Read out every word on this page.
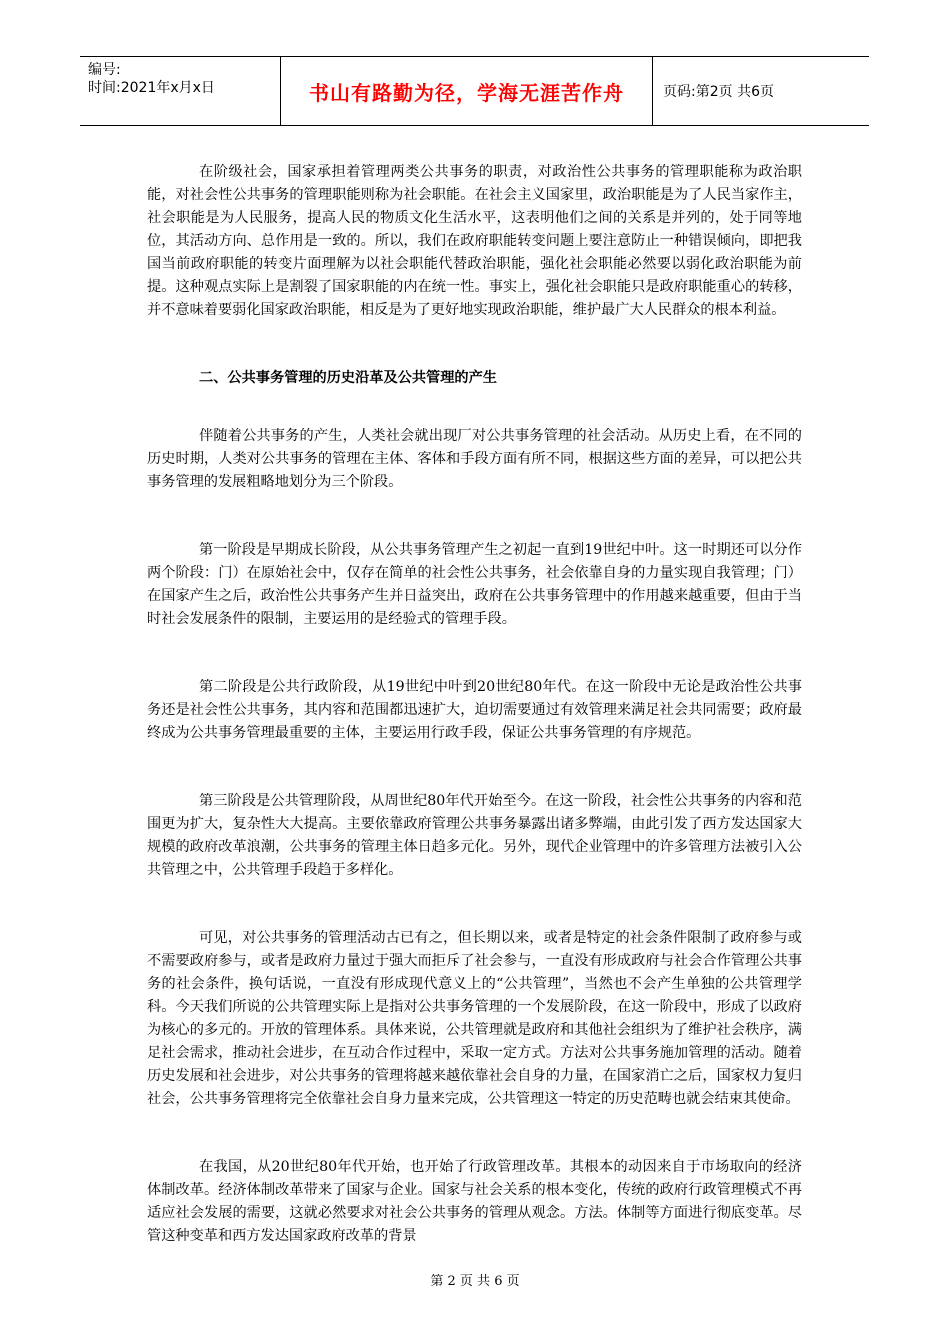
编号:
时间:2021年x月x日	书山有路勤为径，学海无涯苦作舟	页码:第2页 共6页

在阶级社会，国家承担着管理两类公共事务的职责，对政治性公共事务的管理职能称为政治职能，对社会性公共事务的管理职能则称为社会职能。在社会主义国家里，政治职能是为了人民当家作主，社会职能是为人民服务，提高人民的物质文化生活水平，这表明他们之间的关系是并列的，处于同等地位，其活动方向、总作用是一致的。所以，我们在政府职能转变问题上要注意防止一种错误倾向，即把我国当前政府职能的转变片面理解为以社会职能代替政治职能，强化社会职能必然要以弱化政治职能为前提。这种观点实际上是割裂了国家职能的内在统一性。事实上，强化社会职能只是政府职能重心的转移，并不意味着要弱化国家政治职能，相反是为了更好地实现政治职能，维护最广大人民群众的根本利益。

二、公共事务管理的历史沿革及公共管理的产生

伴随着公共事务的产生，人类社会就出现厂对公共事务管理的社会活动。从历史上看，在不同的历史时期，人类对公共事务的管理在主体、客体和手段方面有所不同，根据这些方面的差异，可以把公共事务管理的发展粗略地划分为三个阶段。

第一阶段是早期成长阶段，从公共事务管理产生之初起一直到19世纪中叶。这一时期还可以分作两个阶段：门）在原始社会中，仅存在简单的社会性公共事务，社会依靠自身的力量实现自我管理；门）在国家产生之后，政治性公共事务产生并日益突出，政府在公共事务管理中的作用越来越重要，但由于当时社会发展条件的限制，主要运用的是经验式的管理手段。

第二阶段是公共行政阶段，从19世纪中叶到20世纪80年代。在这一阶段中无论是政治性公共事务还是社会性公共事务，其内容和范围都迅速扩大，迫切需要通过有效管理来满足社会共同需要；政府最终成为公共事务管理最重要的主体，主要运用行政手段，保证公共事务管理的有序规范。

第三阶段是公共管理阶段，从周世纪80年代开始至今。在这一阶段，社会性公共事务的内容和范围更为扩大，复杂性大大提高。主要依靠政府管理公共事务暴露出诸多弊端，由此引发了西方发达国家大规模的政府改革浪潮，公共事务的管理主体日趋多元化。另外，现代企业管理中的许多管理方法被引入公共管理之中，公共管理手段趋于多样化。

可见，对公共事务的管理活动古已有之，但长期以来，或者是特定的社会条件限制了政府参与或不需要政府参与，或者是政府力量过于强大而拒斥了社会参与，一直没有形成政府与社会合作管理公共事务的社会条件，换句话说，一直没有形成现代意义上的“公共管理”，当然也不会产生单独的公共管理学科。今天我们所说的公共管理实际上是指对公共事务管理的一个发展阶段，在这一阶段中，形成了以政府为核心的多元的。开放的管理体系。具体来说，公共管理就是政府和其他社会组织为了维护社会秩序，满足社会需求，推动社会进步，在互动合作过程中，采取一定方式。方法对公共事务施加管理的活动。随着历史发展和社会进步，对公共事务的管理将越来越依靠社会自身的力量，在国家消亡之后，国家权力复归社会，公共事务管理将完全依靠社会自身力量来完成，公共管理这一特定的历史范畴也就会结束其使命。

在我国，从20世纪80年代开始，也开始了行政管理改革。其根本的动因来自于市场取向的经济体制改革。经济体制改革带来了国家与企业。国家与社会关系的根本变化，传统的政府行政管理模式不再适应社会发展的需要，这就必然要求对社会公共事务的管理从观念。方法。体制等方面进行彻底变革。尽管这种变革和西方发达国家政府改革的背景

第 2 页 共 6 页
